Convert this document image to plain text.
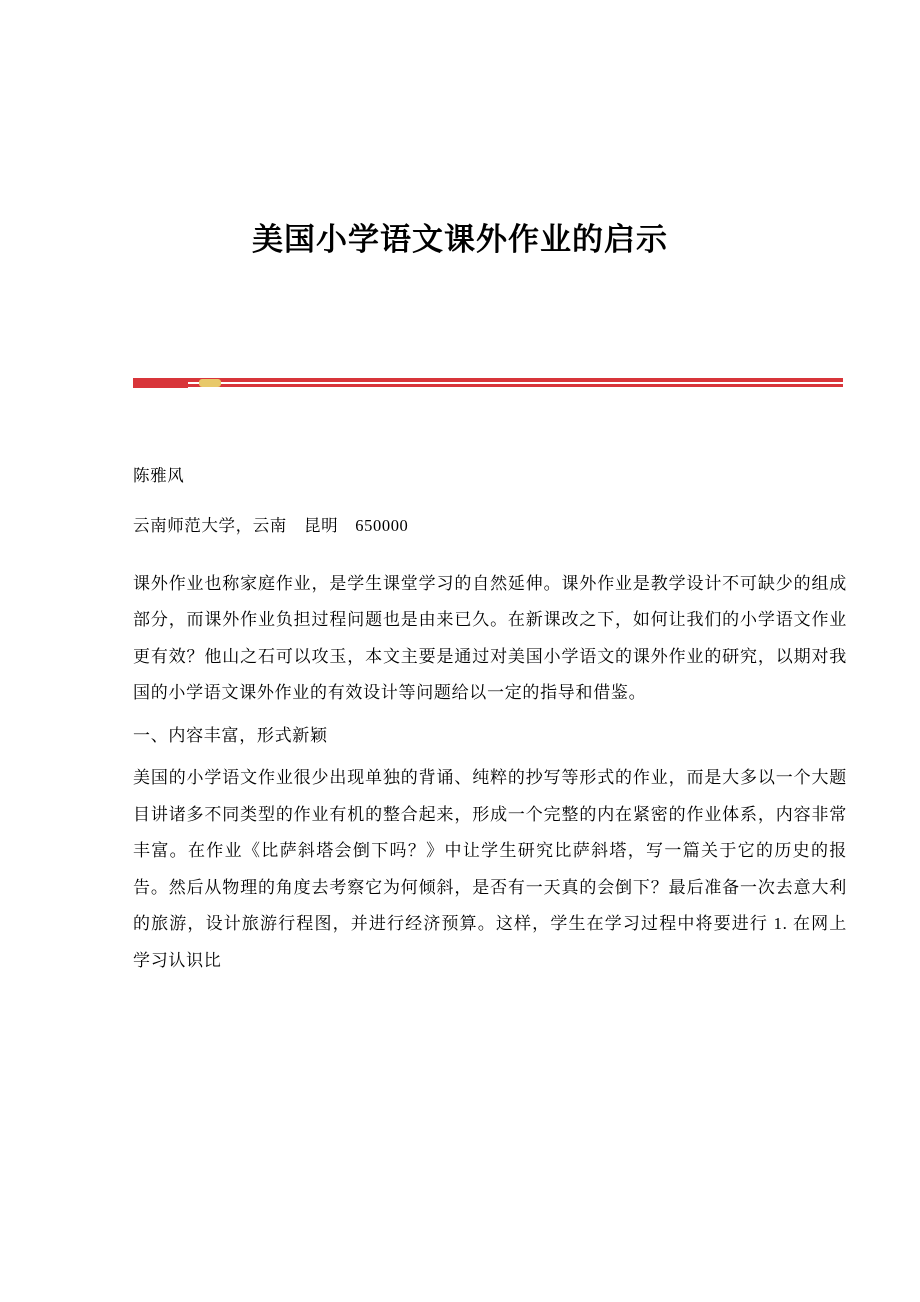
美国小学语文课外作业的启示

陈雅风

云南师范大学，云南　昆明　650000

课外作业也称家庭作业，是学生课堂学习的自然延伸。课外作业是教学设计不可缺少的组成部分，而课外作业负担过程问题也是由来已久。在新课改之下，如何让我们的小学语文作业更有效？他山之石可以攻玉，本文主要是通过对美国小学语文的课外作业的研究，以期对我国的小学语文课外作业的有效设计等问题给以一定的指导和借鉴。

一、内容丰富，形式新颖

美国的小学语文作业很少出现单独的背诵、纯粹的抄写等形式的作业，而是大多以一个大题目讲诸多不同类型的作业有机的整合起来，形成一个完整的内在紧密的作业体系，内容非常丰富。在作业《比萨斜塔会倒下吗？》中让学生研究比萨斜塔，写一篇关于它的历史的报告。然后从物理的角度去考察它为何倾斜，是否有一天真的会倒下？最后准备一次去意大利的旅游，设计旅游行程图，并进行经济预算。这样，学生在学习过程中将要进行 1. 在网上学习认识比
